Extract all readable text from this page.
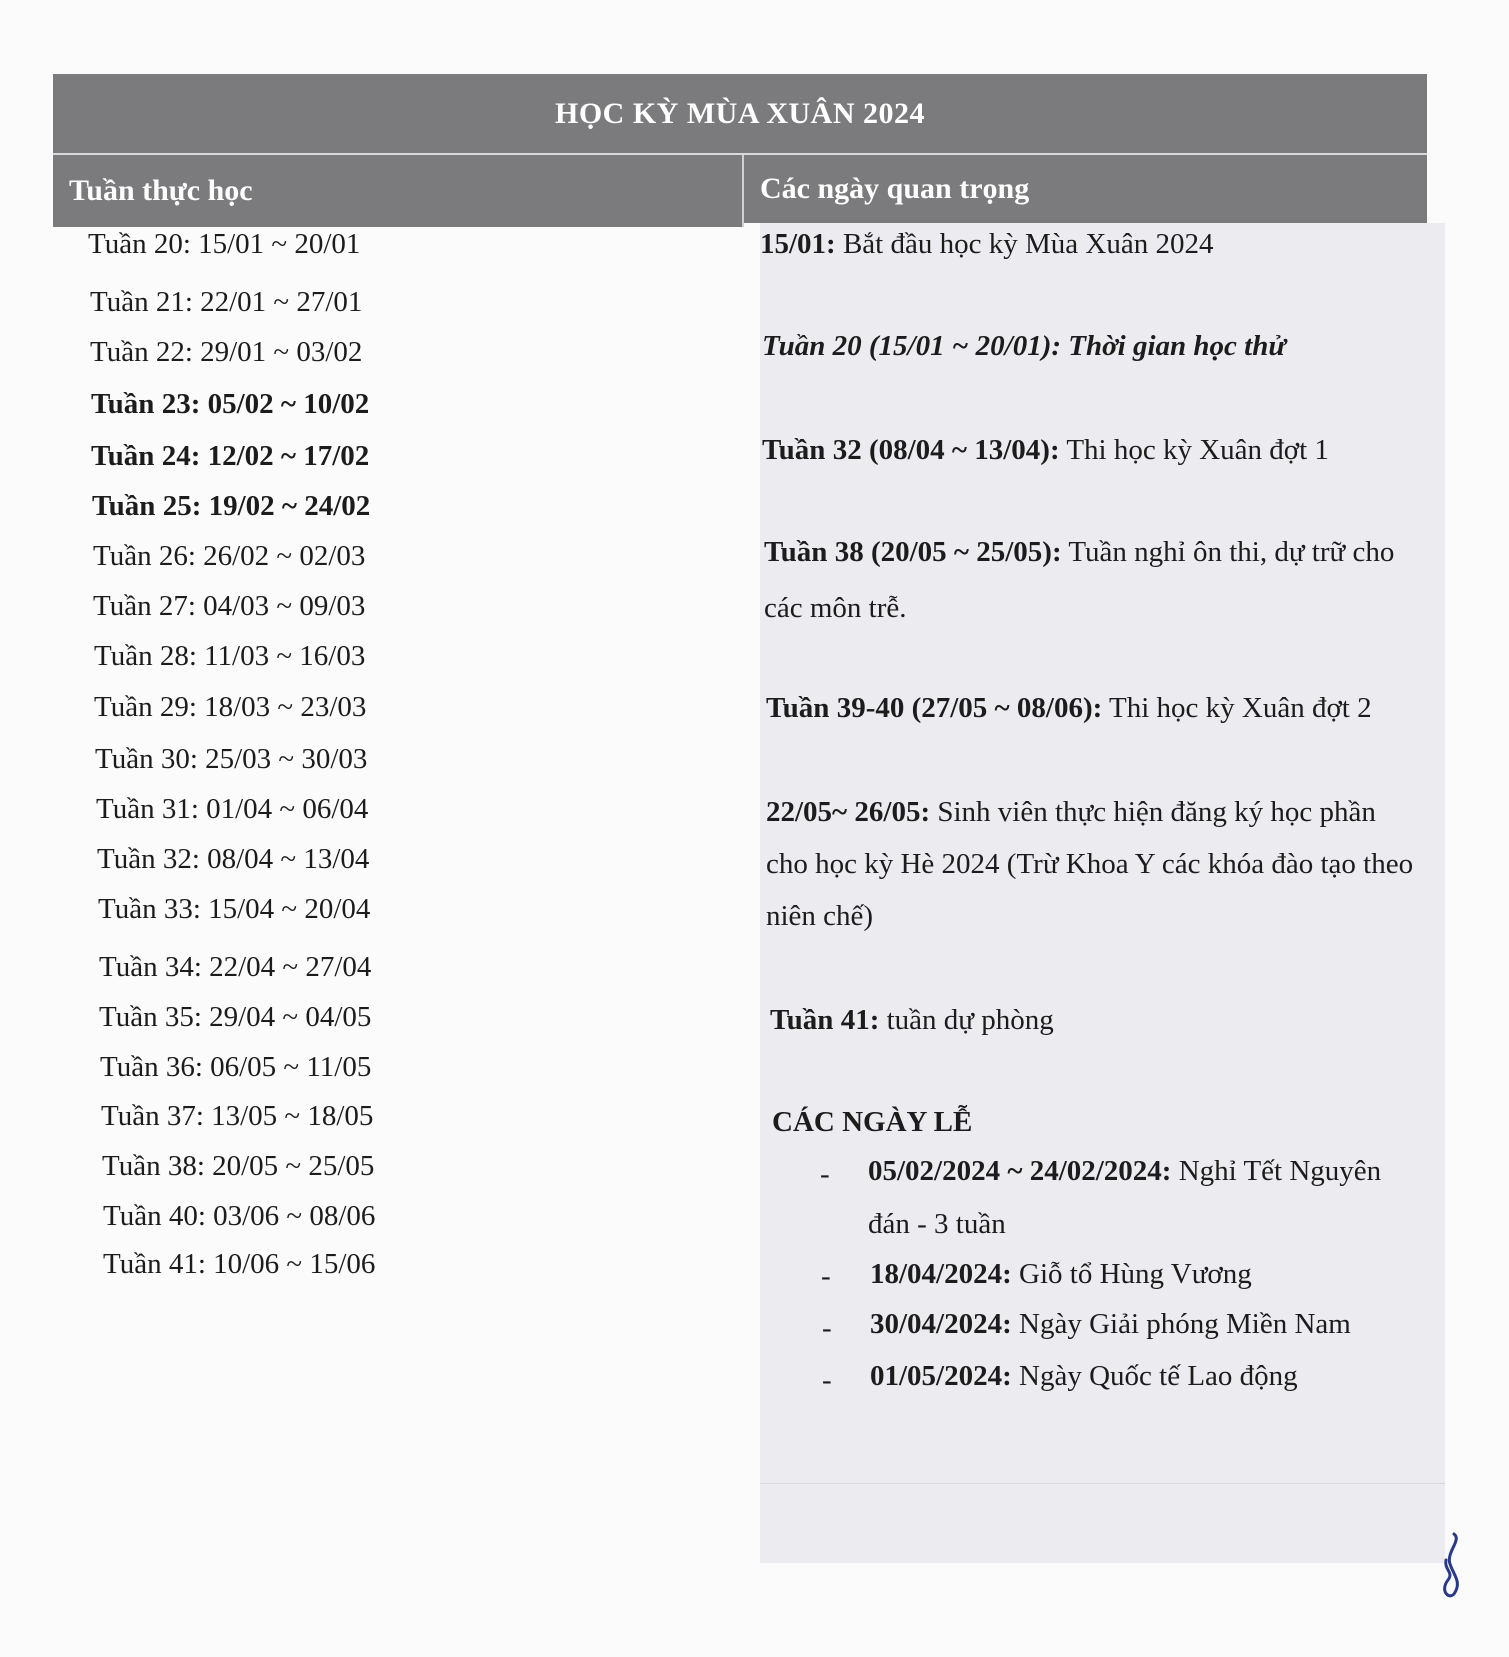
HỌC KỲ MÙA XUÂN 2024
Tuần thực học	Các ngày quan trọng
Tuần 20: 15/01 ~ 20/01
Tuần 21: 22/01 ~ 27/01
Tuần 22: 29/01 ~ 03/02
Tuần 23: 05/02 ~ 10/02
Tuần 24: 12/02 ~ 17/02
Tuần 25: 19/02 ~ 24/02
Tuần 26: 26/02 ~ 02/03
Tuần 27: 04/03 ~ 09/03
Tuần 28: 11/03 ~ 16/03
Tuần 29: 18/03 ~ 23/03
Tuần 30: 25/03 ~ 30/03
Tuần 31: 01/04 ~ 06/04
Tuần 32: 08/04 ~ 13/04
Tuần 33: 15/04 ~ 20/04
Tuần 34: 22/04 ~ 27/04
Tuần 35: 29/04 ~ 04/05
Tuần 36: 06/05 ~ 11/05
Tuần 37: 13/05 ~ 18/05
Tuần 38: 20/05 ~ 25/05
Tuần 40: 03/06 ~ 08/06
Tuần 41: 10/06 ~ 15/06
15/01: Bắt đầu học kỳ Mùa Xuân 2024
Tuần 20 (15/01 ~ 20/01): Thời gian học thử
Tuần 32 (08/04 ~ 13/04): Thi học kỳ Xuân đợt 1
Tuần 38 (20/05 ~ 25/05): Tuần nghỉ ôn thi, dự trữ cho
các môn trễ.
Tuần 39-40 (27/05 ~ 08/06): Thi học kỳ Xuân đợt 2
22/05~ 26/05: Sinh viên thực hiện đăng ký học phần
cho học kỳ Hè 2024 (Trừ Khoa Y các khóa đào tạo theo
niên chế)
Tuần 41: tuần dự phòng
CÁC NGÀY LỄ
- 05/02/2024 ~ 24/02/2024: Nghỉ Tết Nguyên
đán - 3 tuần
- 18/04/2024: Giỗ tổ Hùng Vương
- 30/04/2024: Ngày Giải phóng Miền Nam
- 01/05/2024: Ngày Quốc tế Lao động
